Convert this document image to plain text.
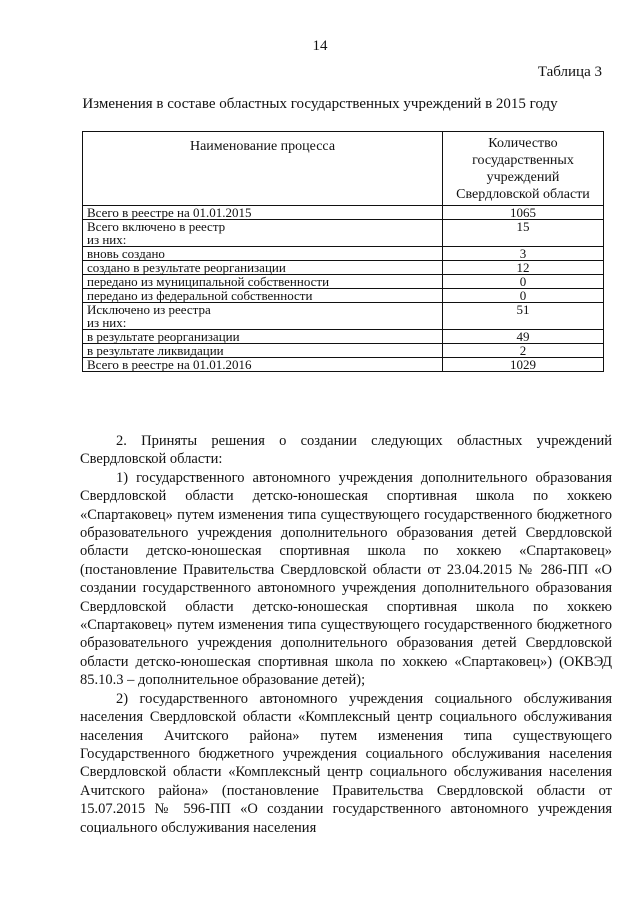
14
Таблица 3
Изменения в составе областных государственных учреждений в 2015 году
Наименование процесса	Количество государственных учреждений Свердловской области
Всего в реестре на 01.01.2015	1065

Всего включено в реестр
из них:	15
вновь создано	3
создано в результате реорганизации	12
передано из муниципальной собственности	0
передано из федеральной собственности	0

Исключено из реестра
из них:	51
в результате реорганизации	49
в результате ликвидации	2
Всего в реестре на 01.01.2016	1029

2. Приняты решения о создании следующих областных учреждений Свердловской области:

1) государственного автономного учреждения дополнительного образования Свердловской области детско-юношеская спортивная школа по хоккею «Спартаковец» путем изменения типа существующего государственного бюджетного образовательного учреждения дополнительного образования детей Свердловской области детско-юношеская спортивная школа по хоккею «Спартаковец» (постановление Правительства Свердловской области от 23.04.2015 № 286-ПП «О создании государственного автономного учреждения дополнительного образования Свердловской области детско-юношеская спортивная школа по хоккею «Спартаковец» путем изменения типа существующего государственного бюджетного образовательного учреждения дополнительного образования детей Свердловской области детско-юношеская спортивная школа по хоккею «Спартаковец») (ОКВЭД 85.10.3 – дополнительное образование детей);

2) государственного автономного учреждения социального обслуживания населения Свердловской области «Комплексный центр социального обслуживания населения Ачитского района» путем изменения типа существующего Государственного бюджетного учреждения социального обслуживания населения Свердловской области «Комплексный центр социального обслуживания населения Ачитского района» (постановление Правительства Свердловской области от 15.07.2015 № 596-ПП «О создании государственного автономного учреждения социального обслуживания населения
